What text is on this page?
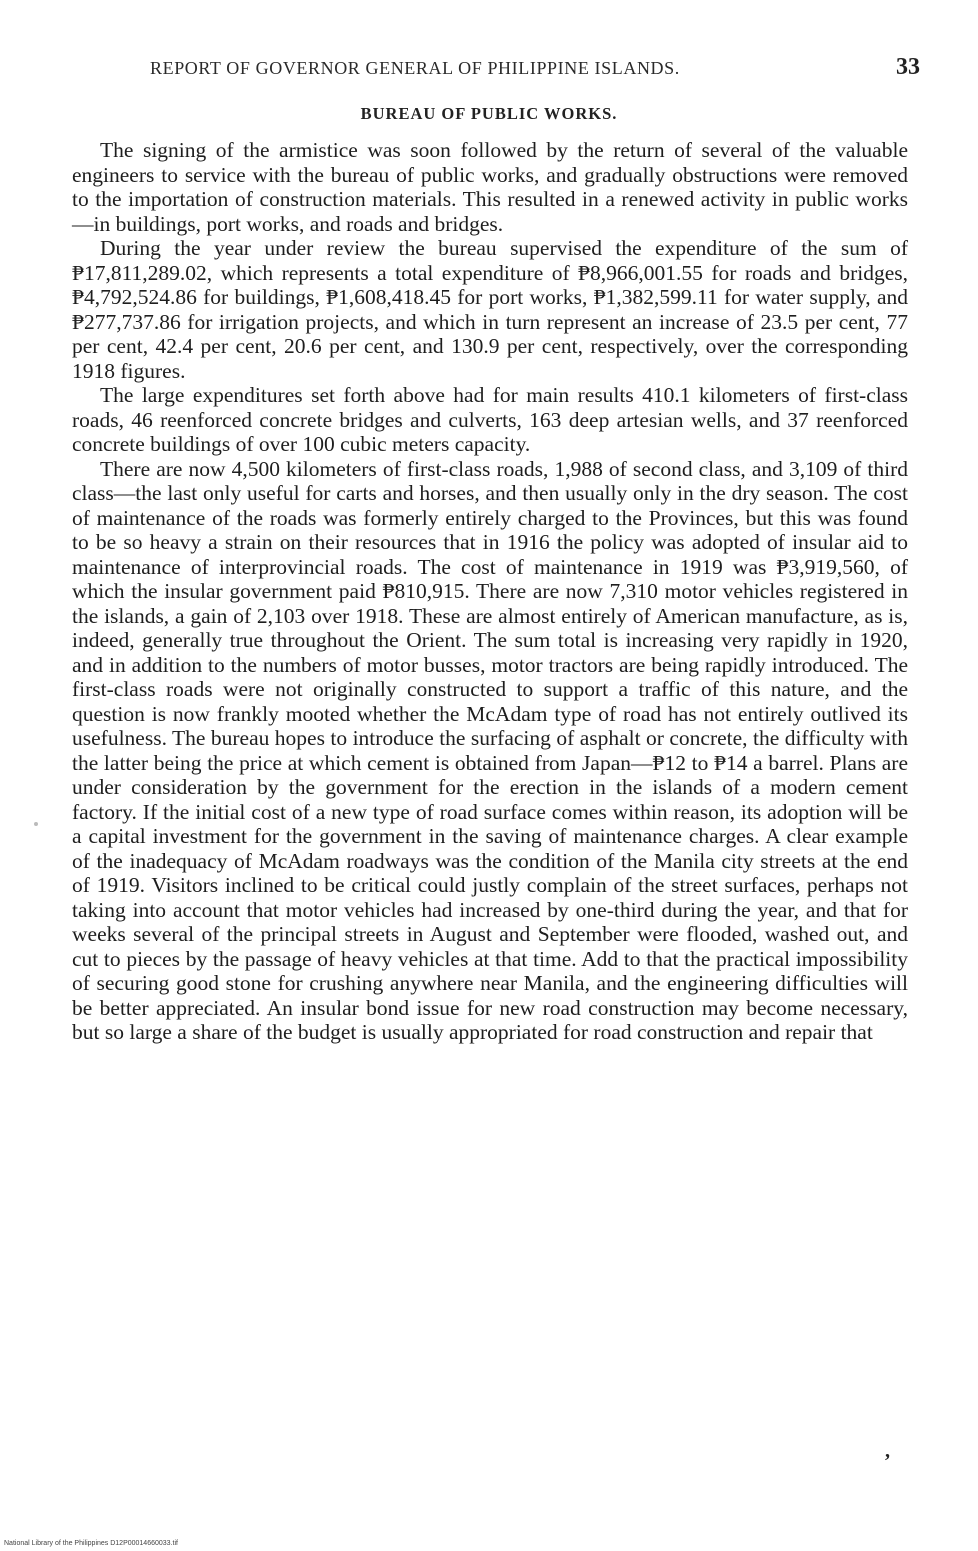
REPORT OF GOVERNOR GENERAL OF PHILIPPINE ISLANDS.	33
BUREAU OF PUBLIC WORKS.

The signing of the armistice was soon followed by the return of several of the valuable engineers to service with the bureau of public works, and gradually obstructions were removed to the importation of construction materials. This resulted in a renewed activity in public works—in buildings, port works, and roads and bridges.

During the year under review the bureau supervised the expenditure of the sum of ₱17,811,289.02, which represents a total expenditure of ₱8,966,001.55 for roads and bridges, ₱4,792,524.86 for buildings, ₱1,608,418.45 for port works, ₱1,382,599.11 for water supply, and ₱277,737.86 for irrigation projects, and which in turn represent an increase of 23.5 per cent, 77 per cent, 42.4 per cent, 20.6 per cent, and 130.9 per cent, respectively, over the corresponding 1918 figures.

The large expenditures set forth above had for main results 410.1 kilometers of first-class roads, 46 reenforced concrete bridges and culverts, 163 deep artesian wells, and 37 reenforced concrete buildings of over 100 cubic meters capacity.

There are now 4,500 kilometers of first-class roads, 1,988 of second class, and 3,109 of third class—the last only useful for carts and horses, and then usually only in the dry season. The cost of maintenance of the roads was formerly entirely charged to the Provinces, but this was found to be so heavy a strain on their resources that in 1916 the policy was adopted of insular aid to maintenance of interprovincial roads. The cost of maintenance in 1919 was ₱3,919,560, of which the insular government paid ₱810,915. There are now 7,310 motor vehicles registered in the islands, a gain of 2,103 over 1918. These are almost entirely of American manufacture, as is, indeed, generally true throughout the Orient. The sum total is increasing very rapidly in 1920, and in addition to the numbers of motor busses, motor tractors are being rapidly introduced. The first-class roads were not originally constructed to support a traffic of this nature, and the question is now frankly mooted whether the McAdam type of road has not entirely outlived its usefulness. The bureau hopes to introduce the surfacing of asphalt or concrete, the difficulty with the latter being the price at which cement is obtained from Japan—₱12 to ₱14 a barrel. Plans are under consideration by the government for the erection in the islands of a modern cement factory. If the initial cost of a new type of road surface comes within reason, its adoption will be a capital investment for the government in the saving of maintenance charges. A clear example of the inadequacy of McAdam roadways was the condition of the Manila city streets at the end of 1919. Visitors inclined to be critical could justly complain of the street surfaces, perhaps not taking into account that motor vehicles had increased by one-third during the year, and that for weeks several of the principal streets in August and September were flooded, washed out, and cut to pieces by the passage of heavy vehicles at that time. Add to that the practical impossibility of securing good stone for crushing anywhere near Manila, and the engineering difficulties will be better appreciated. An insular bond issue for new road construction may become necessary, but so large a share of the budget is usually appropriated for road construction and repair that

,
National Library of the Philippines D12P00014660033.tif
